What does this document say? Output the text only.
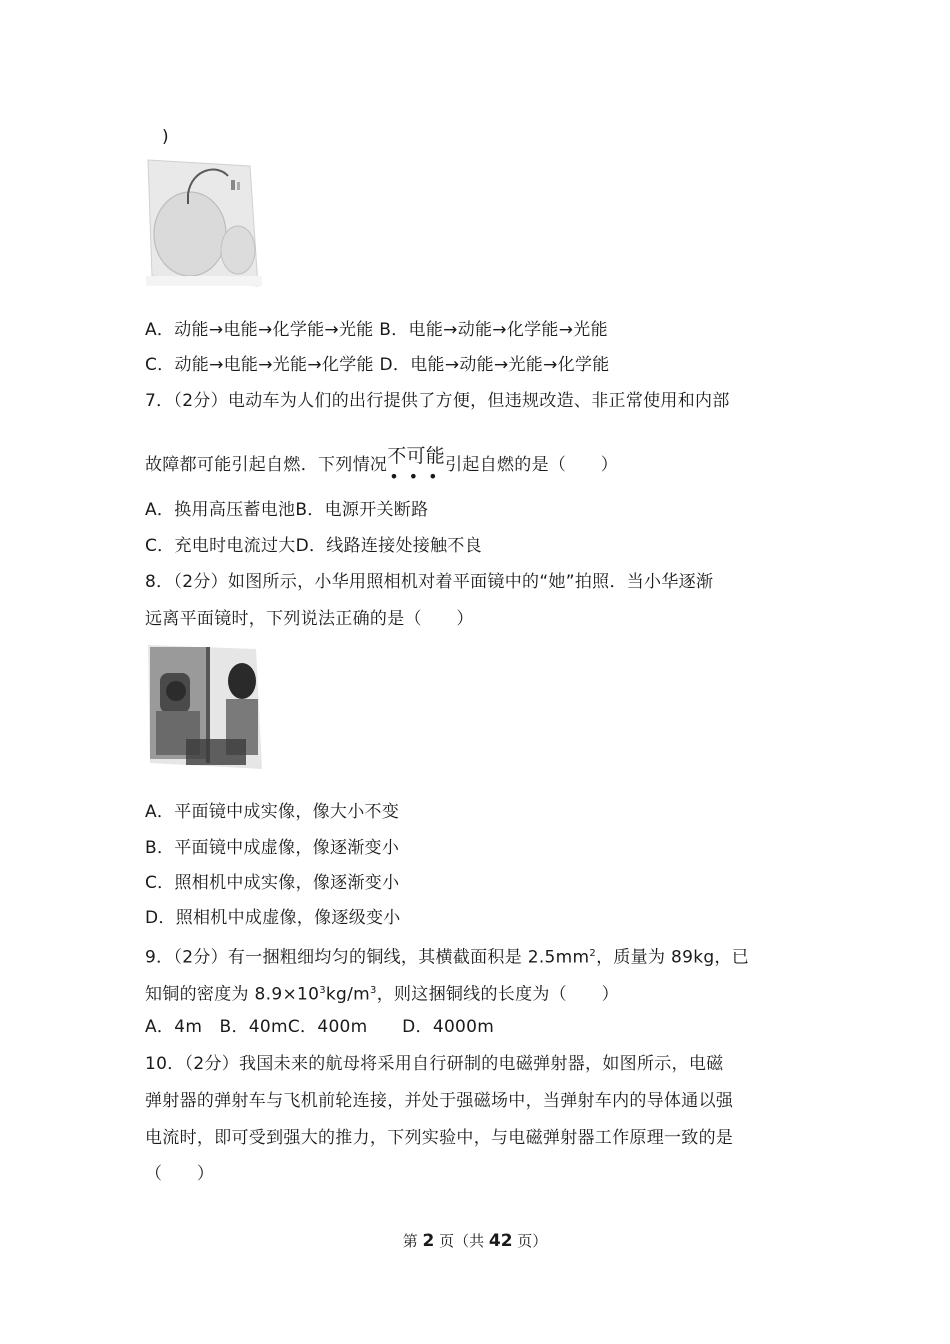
)
A．动能→电能→化学能→光能 B．电能→动能→化学能→光能
C．动能→电能→光能→化学能 D．电能→动能→光能→化学能
7．（2分）电动车为人们的出行提供了方便，但违规改造、非正常使用和内部
故障都可能引起自燃．下列情况不可能
•••
引起自燃的是（　　）
A．换用高压蓄电池B．电源开关断路
C．充电时电流过大D．线路连接处接触不良
8．（2分）如图所示，小华用照相机对着平面镜中的“她”拍照．当小华逐渐
远离平面镜时，下列说法正确的是（　　）
A．平面镜中成实像，像大小不变
B．平面镜中成虚像，像逐渐变小
C．照相机中成实像，像逐渐变小
D．照相机中成虚像，像逐级变小
9．（2分）有一捆粗细均匀的铜线，其横截面积是 $2.5mm^2$，质量为 89kg，已
知铜的密度为 $8.9\times 10^3kg/m^3$，则这捆铜线的长度为（　　）
A．4m　B．40mC．400m　　D．4000m
10．（2分）我国未来的航母将采用自行研制的电磁弹射器，如图所示，电磁
弹射器的弹射车与飞机前轮连接，并处于强磁场中，当弹射车内的导体通以强
电流时，即可受到强大的推力，下列实验中，与电磁弹射器工作原理一致的是
（　　）
第 2 页（共 42 页）
